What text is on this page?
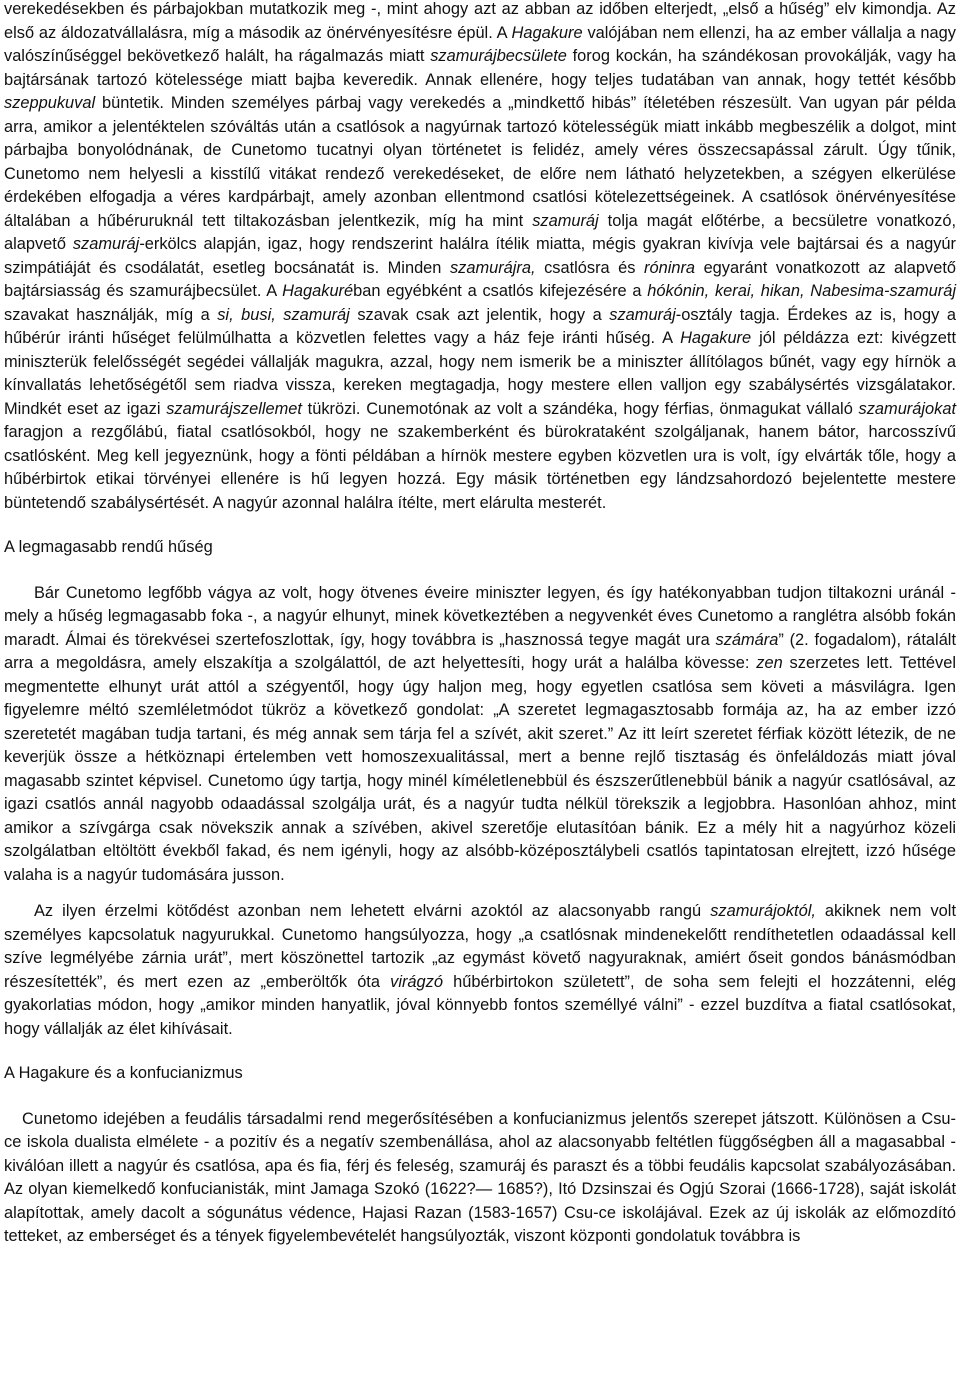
verekedésekben és párbajokban mutatkozik meg -, mint ahogy azt az abban az időben elterjedt, „első a hűség” elv kimondja. Az első az áldozatvállalásra, míg a második az önérvényesítésre épül. A Hagakure valójában nem ellenzi, ha az ember vállalja a nagy valószínűséggel bekövetkező halált, ha rágalmazás miatt szamurájbecsülete forog kockán, ha szándékosan provokálják, vagy ha bajtársának tartozó kötelessége miatt bajba keveredik. Annak ellenére, hogy teljes tudatában van annak, hogy tettét később szeppukuval büntetik. Minden személyes párbaj vagy verekedés a „mindkettő hibás” ítéletében részesült. Van ugyan pár példa arra, amikor a jelentéktelen szóváltás után a csatlósok a nagyúrnak tartozó kötelességük miatt inkább megbeszélik a dolgot, mint párbajba bonyolódnának, de Cunetomo tucatnyi olyan történetet is felidéz, amely véres összecsapással zárult. Úgy tűnik, Cunetomo nem helyesli a kisstílű vitákat rendező verekedéseket, de előre nem látható helyzetekben, a szégyen elkerülése érdekében elfogadja a véres kardpárbajt, amely azonban ellentmond csatlósi kötelezettségeinek. A csatlósok önérvényesítése általában a hűbéruruknál tett tiltakozásban jelentkezik, míg ha mint szamuráj tolja magát előtérbe, a becsületre vonatkozó, alapvető szamuráj-erkölcs alapján, igaz, hogy rendszerint halálra ítélik miatta, mégis gyakran kivívja vele bajtársai és a nagyúr szimpátiáját és csodálatát, esetleg bocsánatát is. Minden szamurájra, csatlósra és róninra egyaránt vonatkozott az alapvető bajtársiasság és szamurájbecsület. A Hagakuréban egyébként a csatlós kifejezésére a hókónin, kerai, hikan, Nabesima-szamuráj szavakat használják, míg a si, busi, szamuráj szavak csak azt jelentik, hogy a szamuráj-osztály tagja. Érdekes az is, hogy a hűbérúr iránti hűséget felülmúlhatta a közvetlen felettes vagy a ház feje iránti hűség. A Hagakure jól példázza ezt: kivégzett miniszterük felelősségét segédei vállalják magukra, azzal, hogy nem ismerik be a miniszter állítólagos bűnét, vagy egy hírnök a kínvallatás lehetőségétől sem riadva vissza, kereken megtagadja, hogy mestere ellen valljon egy szabálysértés vizsgálatakor. Mindkét eset az igazi szamurájszellemet tükrözi. Cunemotónak az volt a szándéka, hogy férfias, önmagukat vállaló szamurájokat faragjon a rezgőlábú, fiatal csatlósokból, hogy ne szakemberként és bürokrataként szolgáljanak, hanem bátor, harcosszívű csatlósként. Meg kell jegyeznünk, hogy a fönti példában a hírnök mestere egyben közvetlen ura is volt, így elvárták tőle, hogy a hűbérbirtok etikai törvényei ellenére is hű legyen hozzá. Egy másik történetben egy lándzsahordozó bejelentette mestere büntetendő szabálysértését. A nagyúr azonnal halálra ítélte, mert elárulta mesterét.

A legmagasabb rendű hűség

Bár Cunetomo legfőbb vágya az volt, hogy ötvenes éveire miniszter legyen, és így hatékonyabban tudjon tiltakozni uránál - mely a hűség legmagasabb foka -, a nagyúr elhunyt, minek következtében a negyvenkét éves Cunetomo a ranglétra alsóbb fokán maradt. Álmai és törekvései szertefoszlottak, így, hogy továbbra is „hasznossá tegye magát ura számára” (2. fogadalom), rátalált arra a megoldásra, amely elszakítja a szolgálattól, de azt helyettesíti, hogy urát a halálba kövesse: zen szerzetes lett. Tettével megmentette elhunyt urát attól a szégyentől, hogy úgy haljon meg, hogy egyetlen csatlósa sem követi a másvilágra. Igen figyelemre méltó szemléletmódot tükröz a következő gondolat: „A szeretet legmagasztosabb formája az, ha az ember izzó szeretetét magában tudja tartani, és még annak sem tárja fel a szívét, akit szeret.” Az itt leírt szeretet férfiak között létezik, de ne keverjük össze a hétköznapi értelemben vett homoszexualitással, mert a benne rejlő tisztaság és önfeláldozás miatt jóval magasabb szintet képvisel. Cunetomo úgy tartja, hogy minél kíméletlenebbül és észszerűtlenebbül bánik a nagyúr csatlósával, az igazi csatlós annál nagyobb odaadással szolgálja urát, és a nagyúr tudta nélkül törekszik a legjobbra. Hasonlóan ahhoz, mint amikor a szívgárga csak növekszik annak a szívében, akivel szeretője elutasítóan bánik. Ez a mély hit a nagyúrhoz közeli szolgálatban eltöltött évekből fakad, és nem igényli, hogy az alsóbb-középosztálybeli csatlós tapintatosan elrejtett, izzó hűsége valaha is a nagyúr tudomására jusson.

Az ilyen érzelmi kötődést azonban nem lehetett elvárni azoktól az alacsonyabb rangú szamurájoktól, akiknek nem volt személyes kapcsolatuk nagyurukkal. Cunetomo hangsúlyozza, hogy „a csatlósnak mindenekelőtt rendíthetetlen odaadással kell szíve legmélyébe zárnia urát”, mert köszönettel tartozik „az egymást követő nagyuraknak, amiért őseit gondos bánásmódban részesítették”, és mert ezen az „emberöltők óta virágzó hűbérbirtokon született”, de soha sem felejti el hozzátenni, elég gyakorlatias módon, hogy „amikor minden hanyatlik, jóval könnyebb fontos személlyé válni” - ezzel buzdítva a fiatal csatlósokat, hogy vállalják az élet kihívásait.

A Hagakure és a konfucianizmus

Cunetomo idejében a feudális társadalmi rend megerősítésében a konfucianizmus jelentős szerepet játszott. Különösen a Csu-ce iskola dualista elmélete - a pozitív és a negatív szembenállása, ahol az alacsonyabb feltétlen függőségben áll a magasabbal - kiválóan illett a nagyúr és csatlósa, apa és fia, férj és feleség, szamuráj és paraszt és a többi feudális kapcsolat szabályozásában. Az olyan kiemelkedő konfucianisták, mint Jamaga Szokó (1622?— 1685?), Itó Dzsinszai és Ogjú Szorai (1666-1728), saját iskolát alapítottak, amely dacolt a sógunátus védence, Hajasi Razan (1583-1657) Csu-ce iskolájával. Ezek az új iskolák az előmozdító tetteket, az emberséget és a tények figyelembevételét hangsúlyozták, viszont központi gondolatuk továbbra is
